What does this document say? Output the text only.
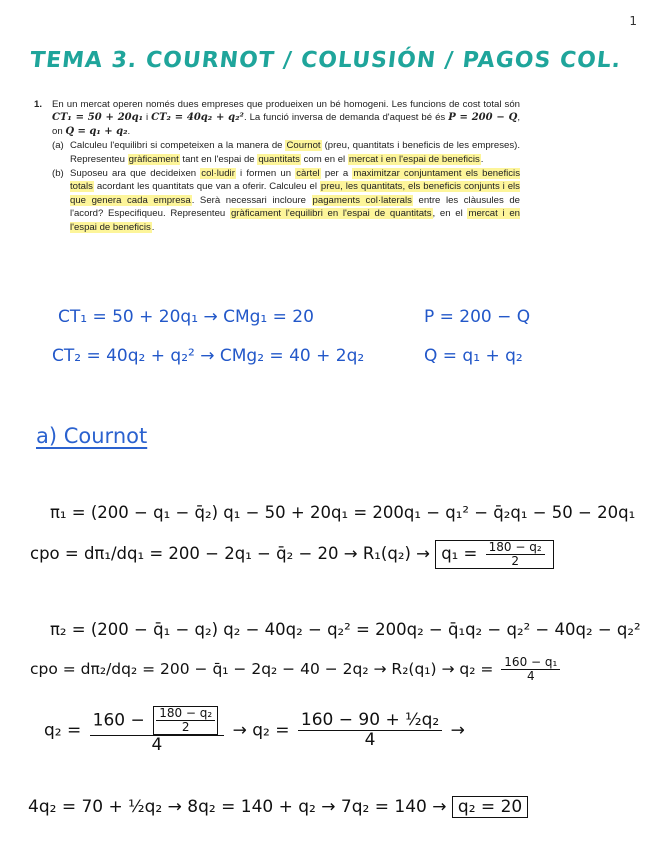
1
TEMA 3. COURNOT / COLUSIÓN / PAGOS COL.
1. En un mercat operen només dues empreses que produeixen un bé homogeni. Les funcions de cost total són CT₁ = 50 + 20q₁ i CT₂ = 40q₂ + q₂². La funció inversa de demanda d'aquest bé és P = 200 − Q, on Q = q₁ + q₂.
(a) Calculeu l'equilibri si competeixen a la manera de Cournot (preu, quantitats i beneficis de les empreses). Representeu gràficament tant en l'espai de quantitats com en el mercat i en l'espai de beneficis.
(b) Suposeu ara que decideixen col·ludir i formen un càrtel per a maximitzar conjuntament els beneficis totals acordant les quantitats que van a oferir. Calculeu el preu, les quantitats, els beneficis conjunts i els que genera cada empresa. Serà necessari incloure pagaments col·laterals entre les clàusules de l'acord? Especifiqueu. Representeu gràficament l'equilibri en l'espai de quantitats, en el mercat i en l'espai de beneficis.
CT₁ = 50 + 20q₁ → CMg₁ = 20	P = 200 − Q
CT₂ = 40q₂ + q₂² → CMg₂ = 40 + 2q₂	Q = q₁ + q₂
a) Cournot
π₁ = (200 − q₁ − q̄₂) q₁ − 50 + 20q₁ = 200q₁ − q₁² − q̄₂q₁ − 50 − 20q₁
cpo = dπ₁/dq₁ = 200 − 2q₁ − q̄₂ − $20 \to R_1(q_2) \to q_1 = \frac{\text{180 − q₂}}{2}$
π₂ = (200 − q̄₁ − q₂) q₂ − 40q₂ − q₂² = 200q₂ − q̄₁q₂ − q₂² − 40q₂ − q₂²
cpo = dπ₂/dq₂ = 200 − q̄₁ − $2q_2 - 40 - 2q_2 \to R_2(q_1) \to q_2 = \frac{\text{160 − q₁}}{4}$
$q_2 = \frac{160 - \frac{\text{180 − q₂}}{2}}{4} \to q_2 = \frac{\text{160 − 90 + ½q₂}}{4}$ →
4q₂ = 70 + ½q₂ → 8q₂ = 140 + q₂ → 7q₂ = 140 → q₂ = 20
